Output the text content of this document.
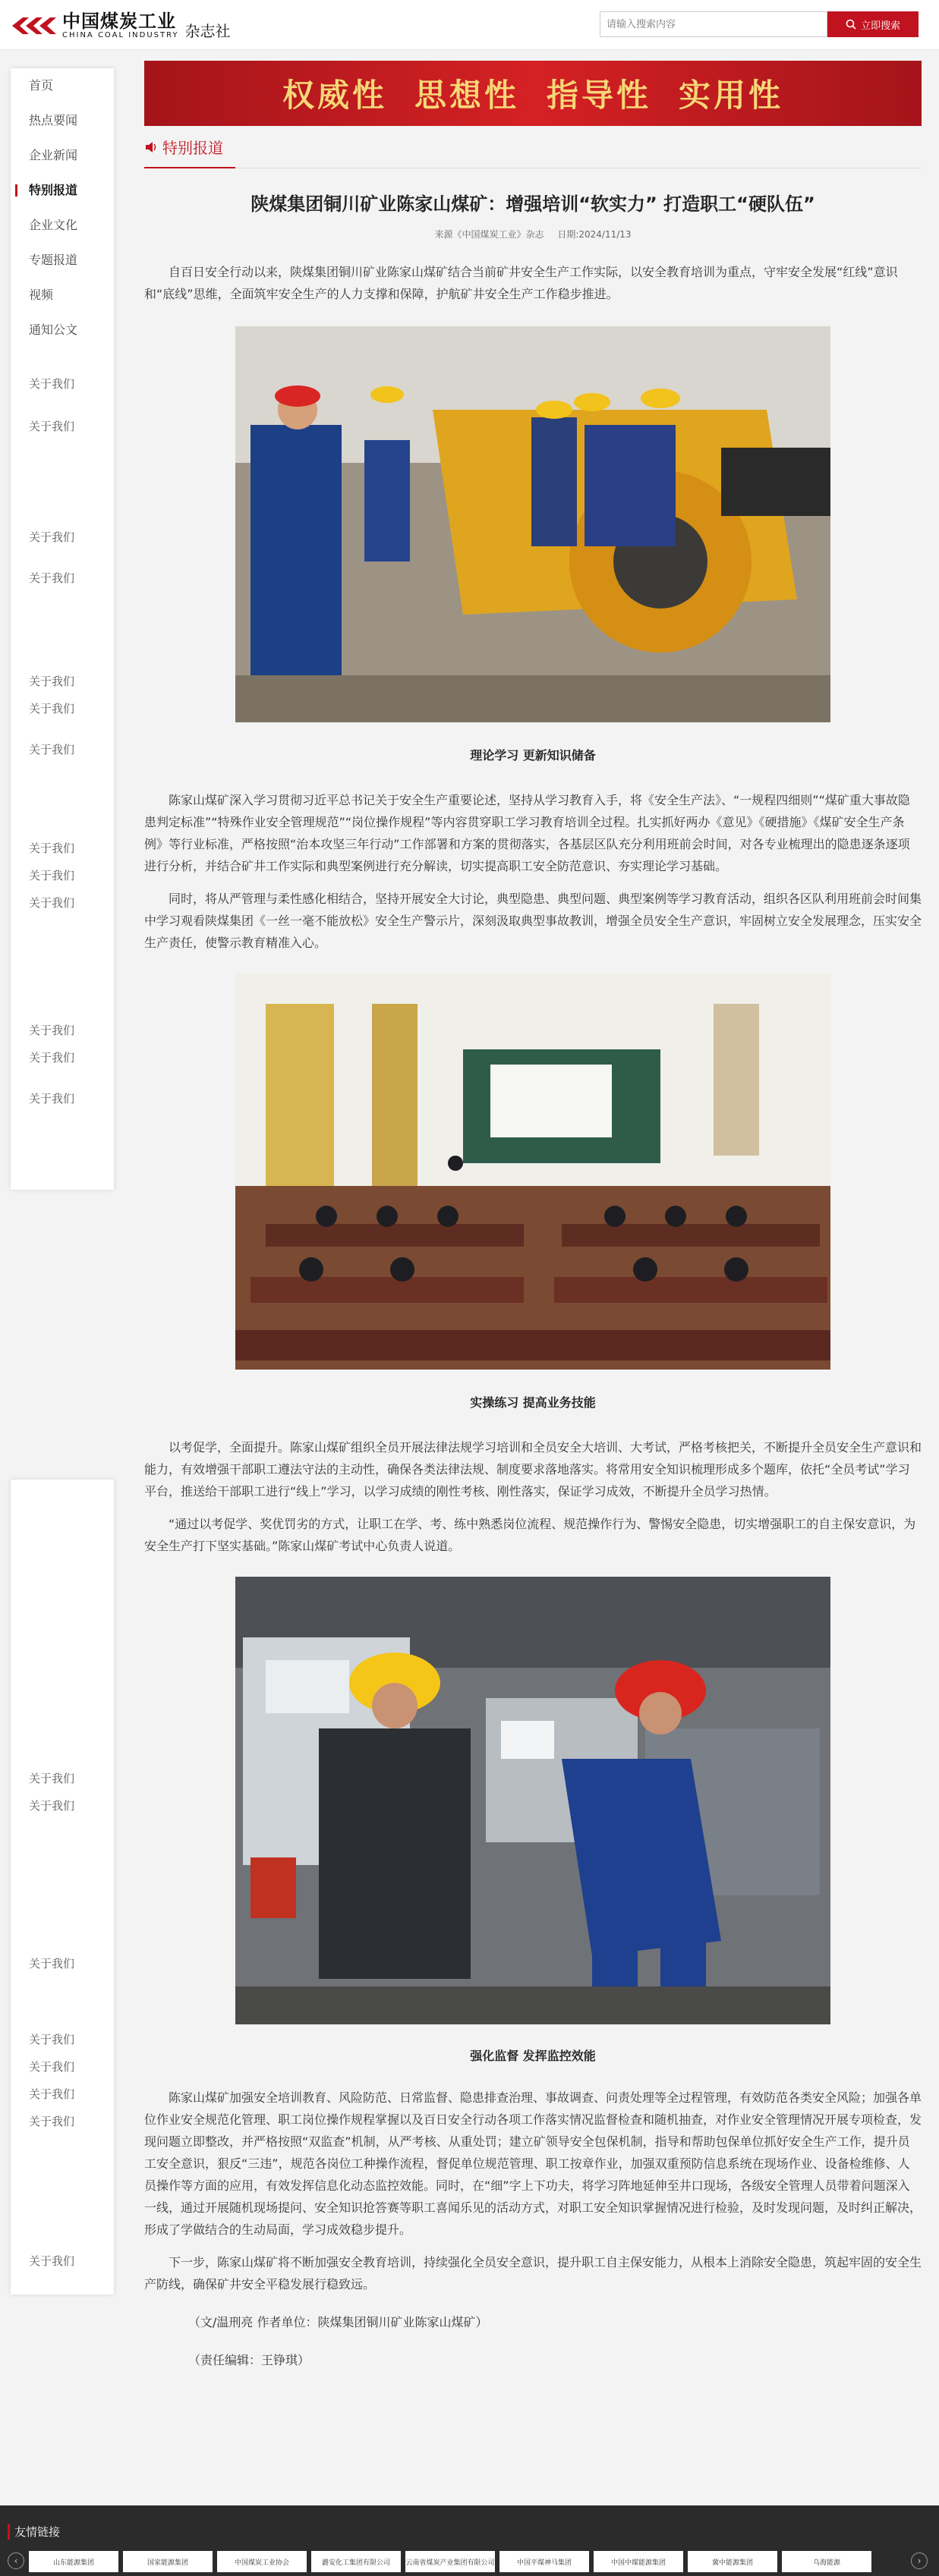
中国煤炭工业
CHINA COAL INDUSTRY 杂志社
请输入搜索内容	立即搜索
首页
热点要闻
企业新闻
特别报道
企业文化
专题报道
视频
通知公文
关于我们
关于我们
关于我们
关于我们
关于我们
关于我们
关于我们
关于我们
关于我们
关于我们
关于我们
关于我们
关于我们
关于我们
关于我们
关于我们
关于我们
关于我们
关于我们
关于我们
关于我们
权威性 思想性 指导性 实用性
特别报道
陕煤集团铜川矿业陈家山煤矿：增强培训“软实力” 打造职工“硬队伍”
来源《中国煤炭工业》杂志 日期:2024/11/13

自百日安全行动以来，陕煤集团铜川矿业陈家山煤矿结合当前矿井安全生产工作实际，以安全教育培训为重点，守牢安全发展“红线”意识和“底线”思维，全面筑牢安全生产的人力支撑和保障，护航矿井安全生产工作稳步推进。

理论学习 更新知识储备

陈家山煤矿深入学习贯彻习近平总书记关于安全生产重要论述，坚持从学习教育入手，将《安全生产法》、“一规程四细则”“煤矿重大事故隐患判定标准”“特殊作业安全管理规范”“岗位操作规程”等内容贯穿职工学习教育培训全过程。扎实抓好两办《意见》《硬措施》《煤矿安全生产条例》等行业标准，严格按照“治本攻坚三年行动”工作部署和方案的贯彻落实，各基层区队充分利用班前会时间，对各专业梳理出的隐患逐条逐项进行分析，并结合矿井工作实际和典型案例进行充分解读，切实提高职工安全防范意识、夯实理论学习基础。

同时，将从严管理与柔性感化相结合，坚持开展安全大讨论，典型隐患、典型问题、典型案例等学习教育活动，组织各区队利用班前会时间集中学习观看陕煤集团《一丝一毫不能放松》安全生产警示片，深刻汲取典型事故教训，增强全员安全生产意识，牢固树立安全发展理念，压实安全生产责任，使警示教育精准入心。

实操练习 提高业务技能

以考促学，全面提升。陈家山煤矿组织全员开展法律法规学习培训和全员安全大培训、大考试，严格考核把关，不断提升全员安全生产意识和能力，有效增强干部职工遵法守法的主动性，确保各类法律法规、制度要求落地落实。将常用安全知识梳理形成多个题库，依托“全员考试”学习平台，推送给干部职工进行“线上”学习，以学习成绩的刚性考核、刚性落实，保证学习成效，不断提升全员学习热情。

“通过以考促学、奖优罚劣的方式，让职工在学、考、练中熟悉岗位流程、规范操作行为、警惕安全隐患，切实增强职工的自主保安意识，为安全生产打下坚实基础。”陈家山煤矿考试中心负责人说道。

强化监督 发挥监控效能

陈家山煤矿加强安全培训教育、风险防范、日常监督、隐患排查治理、事故调查、问责处理等全过程管理，有效防范各类安全风险；加强各单位作业安全规范化管理、职工岗位操作规程掌握以及百日安全行动各项工作落实情况监督检查和随机抽查，对作业安全管理情况开展专项检查，发现问题立即整改，并严格按照“双监查”机制，从严考核、从重处罚；建立矿领导安全包保机制，指导和帮助包保单位抓好安全生产工作，提升员工安全意识，狠反“三违”，规范各岗位工种操作流程，督促单位规范管理、职工按章作业，加强双重预防信息系统在现场作业、设备检维修、人员操作等方面的应用，有效发挥信息化动态监控效能。同时，在“细”字上下功夫，将学习阵地延伸至井口现场，各级安全管理人员带着问题深入一线，通过开展随机现场提问、安全知识抢答赛等职工喜闻乐见的活动方式，对职工安全知识掌握情况进行检验，及时发现问题，及时纠正解决，形成了学做结合的生动局面，学习成效稳步提升。

下一步，陈家山煤矿将不断加强安全教育培训，持续强化全员安全意识，提升职工自主保安能力，从根本上消除安全隐患，筑起牢固的安全生产防线，确保矿井安全平稳发展行稳致远。

（文/温刑亮 作者单位：陕煤集团铜川矿业陈家山煤矿）
（责任编辑：王铮琪）
友情链接
‹	山东能源集团	国家能源集团	中国煤炭工业协会	潞安化工集团有限公司	云南省煤炭产业集团有限公司	中国平煤神马集团	中国中煤能源集团	冀中能源集团	乌海能源	›
